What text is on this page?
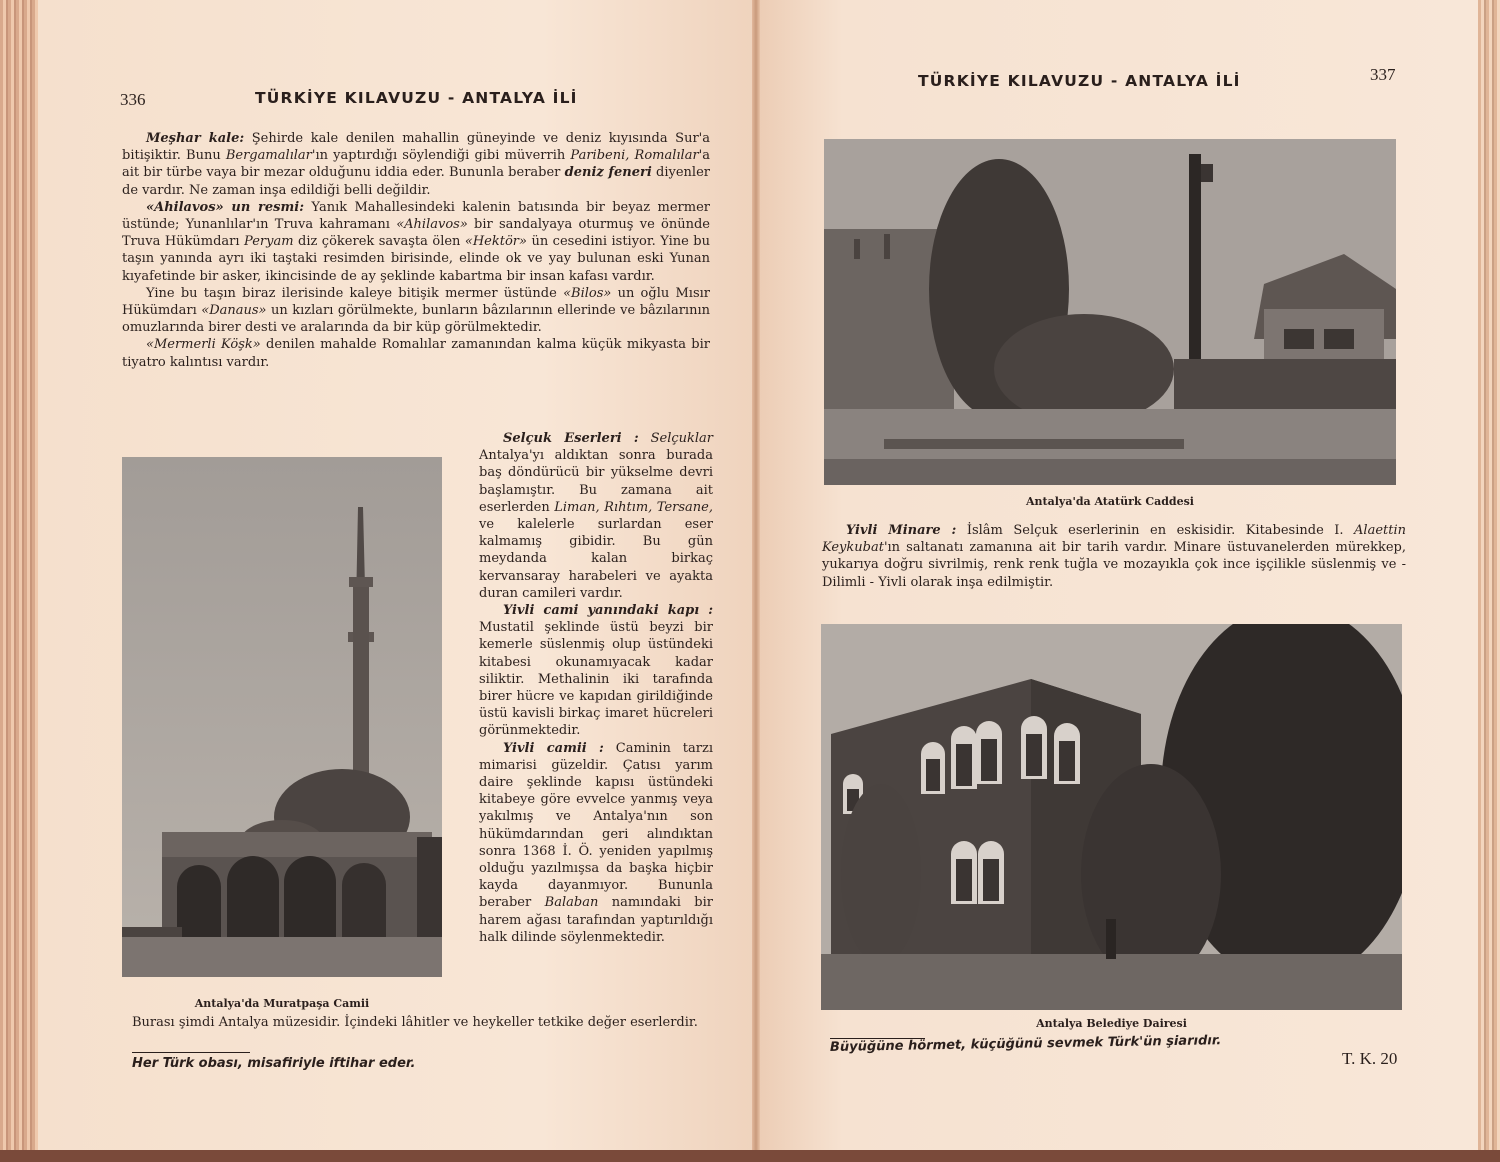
336	TÜRKİYE KILAVUZU - ANTALYA İLİ

Meşhar kale: Şehirde kale denilen mahallin güneyinde ve deniz kıyısında Sur'a bitişiktir. Bunu Bergamalılar'ın yaptırdığı söylendiği gibi müverrih Paribeni, Romalılar'a ait bir türbe vaya bir mezar olduğunu iddia eder. Bununla beraber deniz feneri diyenler de vardır. Ne zaman inşa edildiği belli değildir.

«Ahilavos» un resmi: Yanık Mahallesindeki kalenin batısında bir beyaz mermer üstünde; Yunanlılar'ın Truva kahramanı «Ahilavos» bir sandalyaya oturmuş ve önünde Truva Hükümdarı Peryam diz çökerek savaşta ölen «Hektör» ün cesedini istiyor. Yine bu taşın yanında ayrı iki taştaki resimden birisinde, elinde ok ve yay bulunan eski Yunan kıyafetinde bir asker, ikincisinde de ay şeklinde kabartma bir insan kafası vardır.

Yine bu taşın biraz ilerisinde kaleye bitişik mermer üstünde «Bilos» un oğlu Mısır Hükümdarı «Danaus» un kızları görülmekte, bunların bâzılarının ellerinde ve bâzılarının omuzlarında birer desti ve aralarında da bir küp görülmektedir.

«Mermerli Köşk» denilen mahalde Romalılar zamanından kalma küçük mikyasta bir tiyatro kalıntısı vardır.

Antalya'da Muratpaşa Camii

Selçuk Eserleri : Selçuklar Antalya'yı aldıktan sonra burada baş döndürücü bir yükselme devri başlamıştır. Bu zamana ait eserlerden Liman, Rıhtım, Tersane, ve kalelerle surlardan eser kalmamış gibidir. Bu gün meydanda kalan birkaç kervansaray harabeleri ve ayakta duran camileri vardır.

Yivli cami yanındaki kapı : Mustatil şeklinde üstü beyzi bir kemerle süslenmiş olup üstündeki kitabesi okunamıyacak kadar siliktir. Methalinin iki tarafında birer hücre ve kapıdan girildiğinde üstü kavisli birkaç imaret hücreleri görünmektedir.

Yivli camii : Caminin tarzı mimarisi güzeldir. Çatısı yarım daire şeklinde kapısı üstündeki kitabeye göre evvelce yanmış veya yakılmış ve Antalya'nın son hükümdarından geri alındıktan sonra 1368 İ. Ö. yeniden yapılmış olduğu yazılmışsa da başka hiçbir kayda dayanmıyor. Bununla beraber Balaban namındaki bir harem ağası tarafından yaptırıldığı halk dilinde söylenmektedir.

Burası şimdi Antalya müzesidir. İçindeki lâhitler ve heykeller tetkike değer eserlerdir.
Her Türk obası, misafiriyle iftihar eder.
TÜRKİYE KILAVUZU - ANTALYA İLİ	337
Antalya'da Atatürk Caddesi

Yivli Minare : İslâm Selçuk eserlerinin en eskisidir. Kitabesinde I. Alaettin Keykubat'ın saltanatı zamanına ait bir tarih vardır. Minare üstuvanelerden mürekkep, yukarıya doğru sivrilmiş, renk renk tuğla ve mozayıkla çok ince işçilikle süslenmiş ve - Dilimli - Yivli olarak inşa edilmiştir.

Antalya Belediye Dairesi
Büyüğüne hörmet, küçüğünü sevmek Türk'ün şiarıdır.
T. K. 20
